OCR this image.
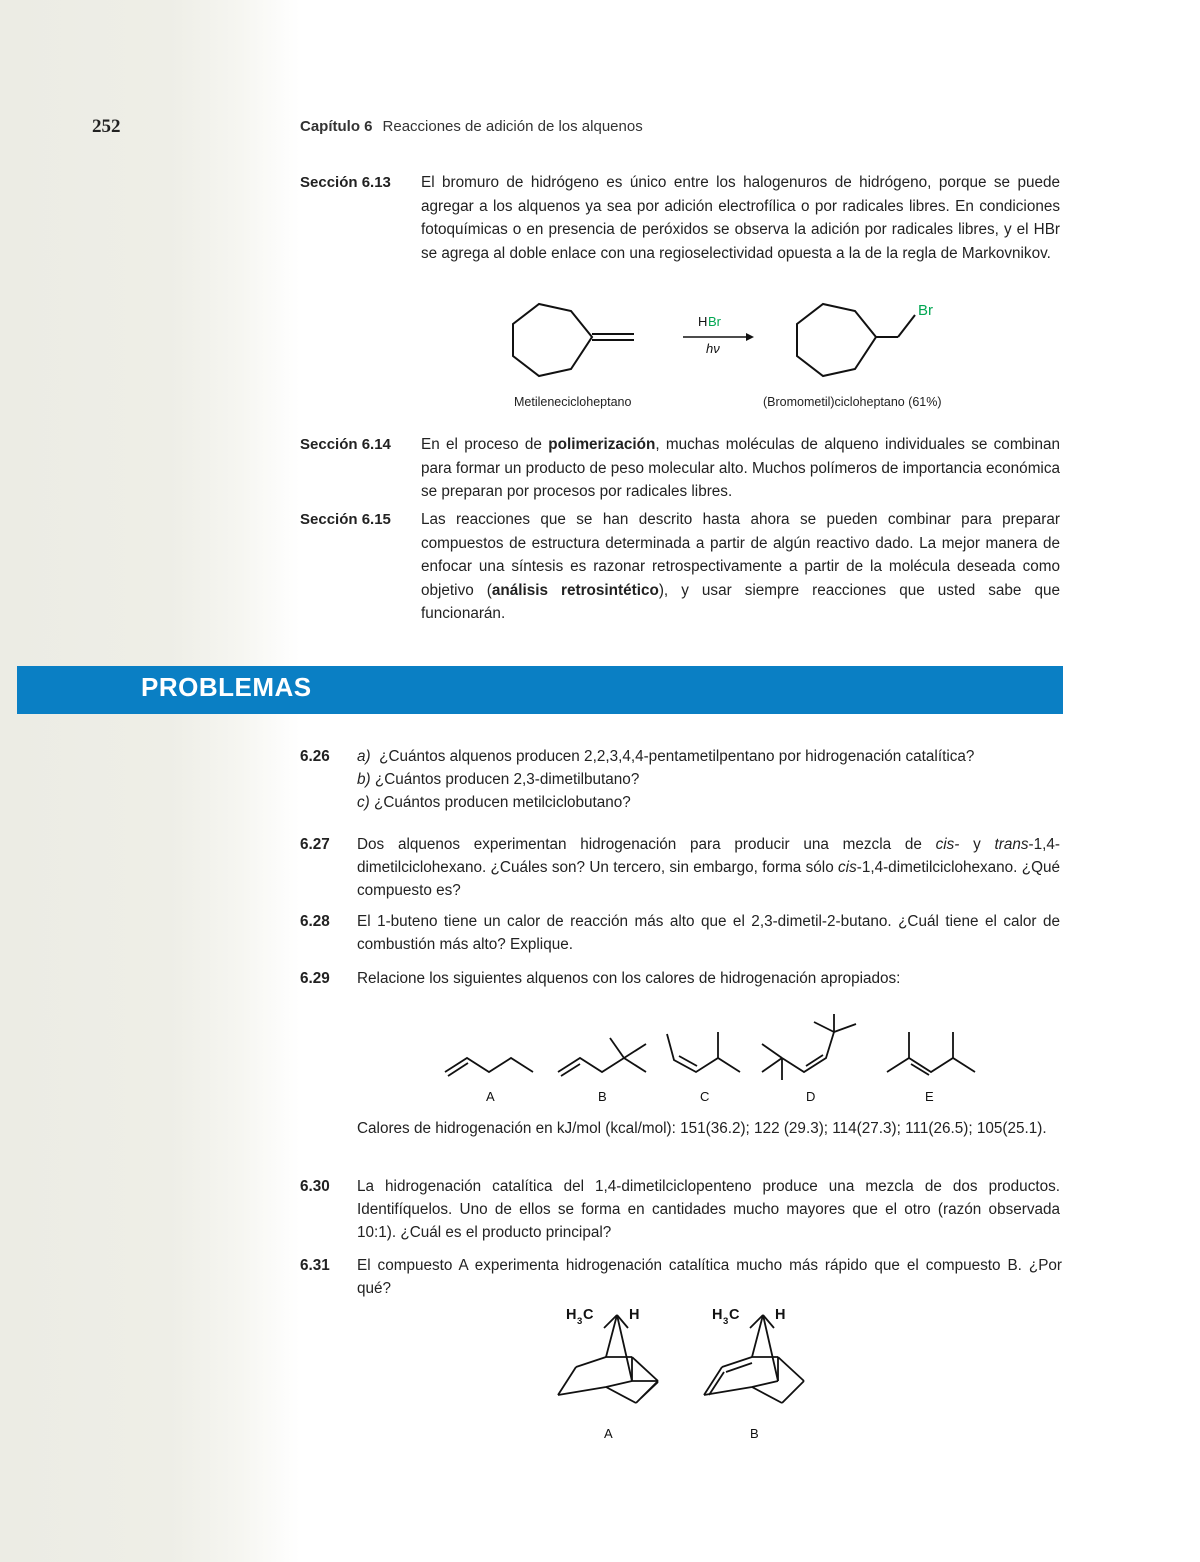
252	Capítulo 6 Reacciones de adición de los alquenos
Sección 6.13 El bromuro de hidrógeno es único entre los halogenuros de hidrógeno, porque se puede agregar a los alquenos ya sea por adición electrofílica o por radicales libres. En condiciones fotoquímicas o en presencia de peróxidos se observa la adición por radicales libres, y el HBr se agrega al doble enlace con una regioselectividad opuesta a la de la regla de Markovnikov.
H Br
hν
Br
Metilenecicloheptano	(Bromometil)cicloheptano (61%)
Sección 6.14 En el proceso de polimerización, muchas moléculas de alqueno individuales se combinan para formar un producto de peso molecular alto. Muchos polímeros de importancia económica se preparan por procesos por radicales libres.
Sección 6.15 Las reacciones que se han descrito hasta ahora se pueden combinar para preparar compuestos de estructura determinada a partir de algún reactivo dado. La mejor manera de enfocar una síntesis es razonar retrospectivamente a partir de la molécula deseada como objetivo (análisis retrosintético), y usar siempre reacciones que usted sabe que funcionarán.
PROBLEMAS
6.26 a) ¿Cuántos alquenos producen 2,2,3,4,4-pentametilpentano por hidrogenación catalítica?
b) ¿Cuántos producen 2,3-dimetilbutano?
c) ¿Cuántos producen metilciclobutano?
6.27 Dos alquenos experimentan hidrogenación para producir una mezcla de cis- y trans-1,4-dimetilciclohexano. ¿Cuáles son? Un tercero, sin embargo, forma sólo cis-1,4-dimetilciclohexano. ¿Qué compuesto es?
6.28 El 1-buteno tiene un calor de reacción más alto que el 2,3-dimetil-2-butano. ¿Cuál tiene el calor de combustión más alto? Explique.
6.29 Relacione los siguientes alquenos con los calores de hidrogenación apropiados:
A	B	C	D	E
Calores de hidrogenación en kJ/mol (kcal/mol): 151(36.2); 122 (29.3); 114(27.3); 111(26.5); 105(25.1).
6.30 La hidrogenación catalítica del 1,4-dimetilciclopenteno produce una mezcla de dos productos. Identifíquelos. Uno de ellos se forma en cantidades mucho mayores que el otro (razón observada 10:1). ¿Cuál es el producto principal?
6.31 El compuesto A experimenta hidrogenación catalítica mucho más rápido que el compuesto B. ¿Por qué?
H 3 C H	H 3 C H
A	B
